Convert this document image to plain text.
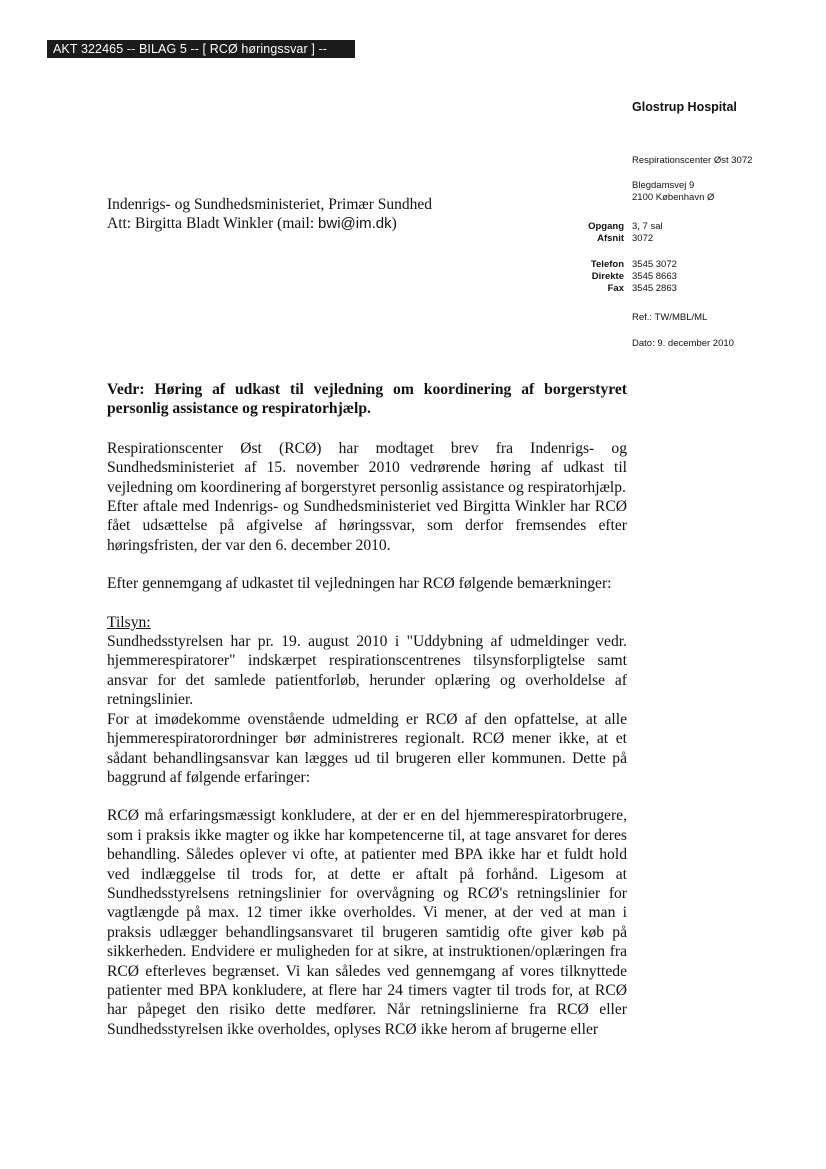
AKT 322465 -- BILAG 5 -- [ RCØ høringssvar ] --
Glostrup Hospital
Respirationscenter Øst 3072
Blegdamsvej 9
2100 København Ø
Opgang 3, 7 sal
Afsnit 3072
Telefon 3545 3072
Direkte 3545 8663
Fax 3545 2863
Ref.: TW/MBL/ML
Dato: 9. december 2010
Indenrigs- og Sundhedsministeriet, Primær Sundhed
Att: Birgitta Bladt Winkler (mail: bwi@im.dk)

Vedr: Høring af udkast til vejledning om koordinering af borgerstyret personlig assistance og respiratorhjælp.

Respirationscenter Øst (RCØ) har modtaget brev fra Indenrigs- og Sundhedsministeriet af 15. november 2010 vedrørende høring af udkast til vejledning om koordinering af borgerstyret personlig assistance og respiratorhjælp.

Efter aftale med Indenrigs- og Sundhedsministeriet ved Birgitta Winkler har RCØ fået udsættelse på afgivelse af høringssvar, som derfor fremsendes efter høringsfristen, der var den 6. december 2010.

Efter gennemgang af udkastet til vejledningen har RCØ følgende bemærkninger:

Tilsyn:

Sundhedsstyrelsen har pr. 19. august 2010 i "Uddybning af udmeldinger vedr. hjemmerespiratorer" indskærpet respirationscentrenes tilsynsforpligtelse samt ansvar for det samlede patientforløb, herunder oplæring og overholdelse af retningslinier.

For at imødekomme ovenstående udmelding er RCØ af den opfattelse, at alle hjemmerespiratorordninger bør administreres regionalt. RCØ mener ikke, at et sådant behandlingsansvar kan lægges ud til brugeren eller kommunen. Dette på baggrund af følgende erfaringer:

RCØ må erfaringsmæssigt konkludere, at der er en del hjemmerespiratorbrugere, som i praksis ikke magter og ikke har kompetencerne til, at tage ansvaret for deres behandling. Således oplever vi ofte, at patienter med BPA ikke har et fuldt hold ved indlæggelse til trods for, at dette er aftalt på forhånd. Ligesom at Sundhedsstyrelsens retningslinier for overvågning og RCØ's retningslinier for vagtlængde på max. 12 timer ikke overholdes. Vi mener, at der ved at man i praksis udlægger behandlingsansvaret til brugeren samtidig ofte giver køb på sikkerheden. Endvidere er muligheden for at sikre, at instruktionen/oplæringen fra RCØ efterleves begrænset. Vi kan således ved gennemgang af vores tilknyttede patienter med BPA konkludere, at flere har 24 timers vagter til trods for, at RCØ har påpeget den risiko dette medfører. Når retningslinierne fra RCØ eller Sundhedsstyrelsen ikke overholdes, oplyses RCØ ikke herom af brugerne eller
